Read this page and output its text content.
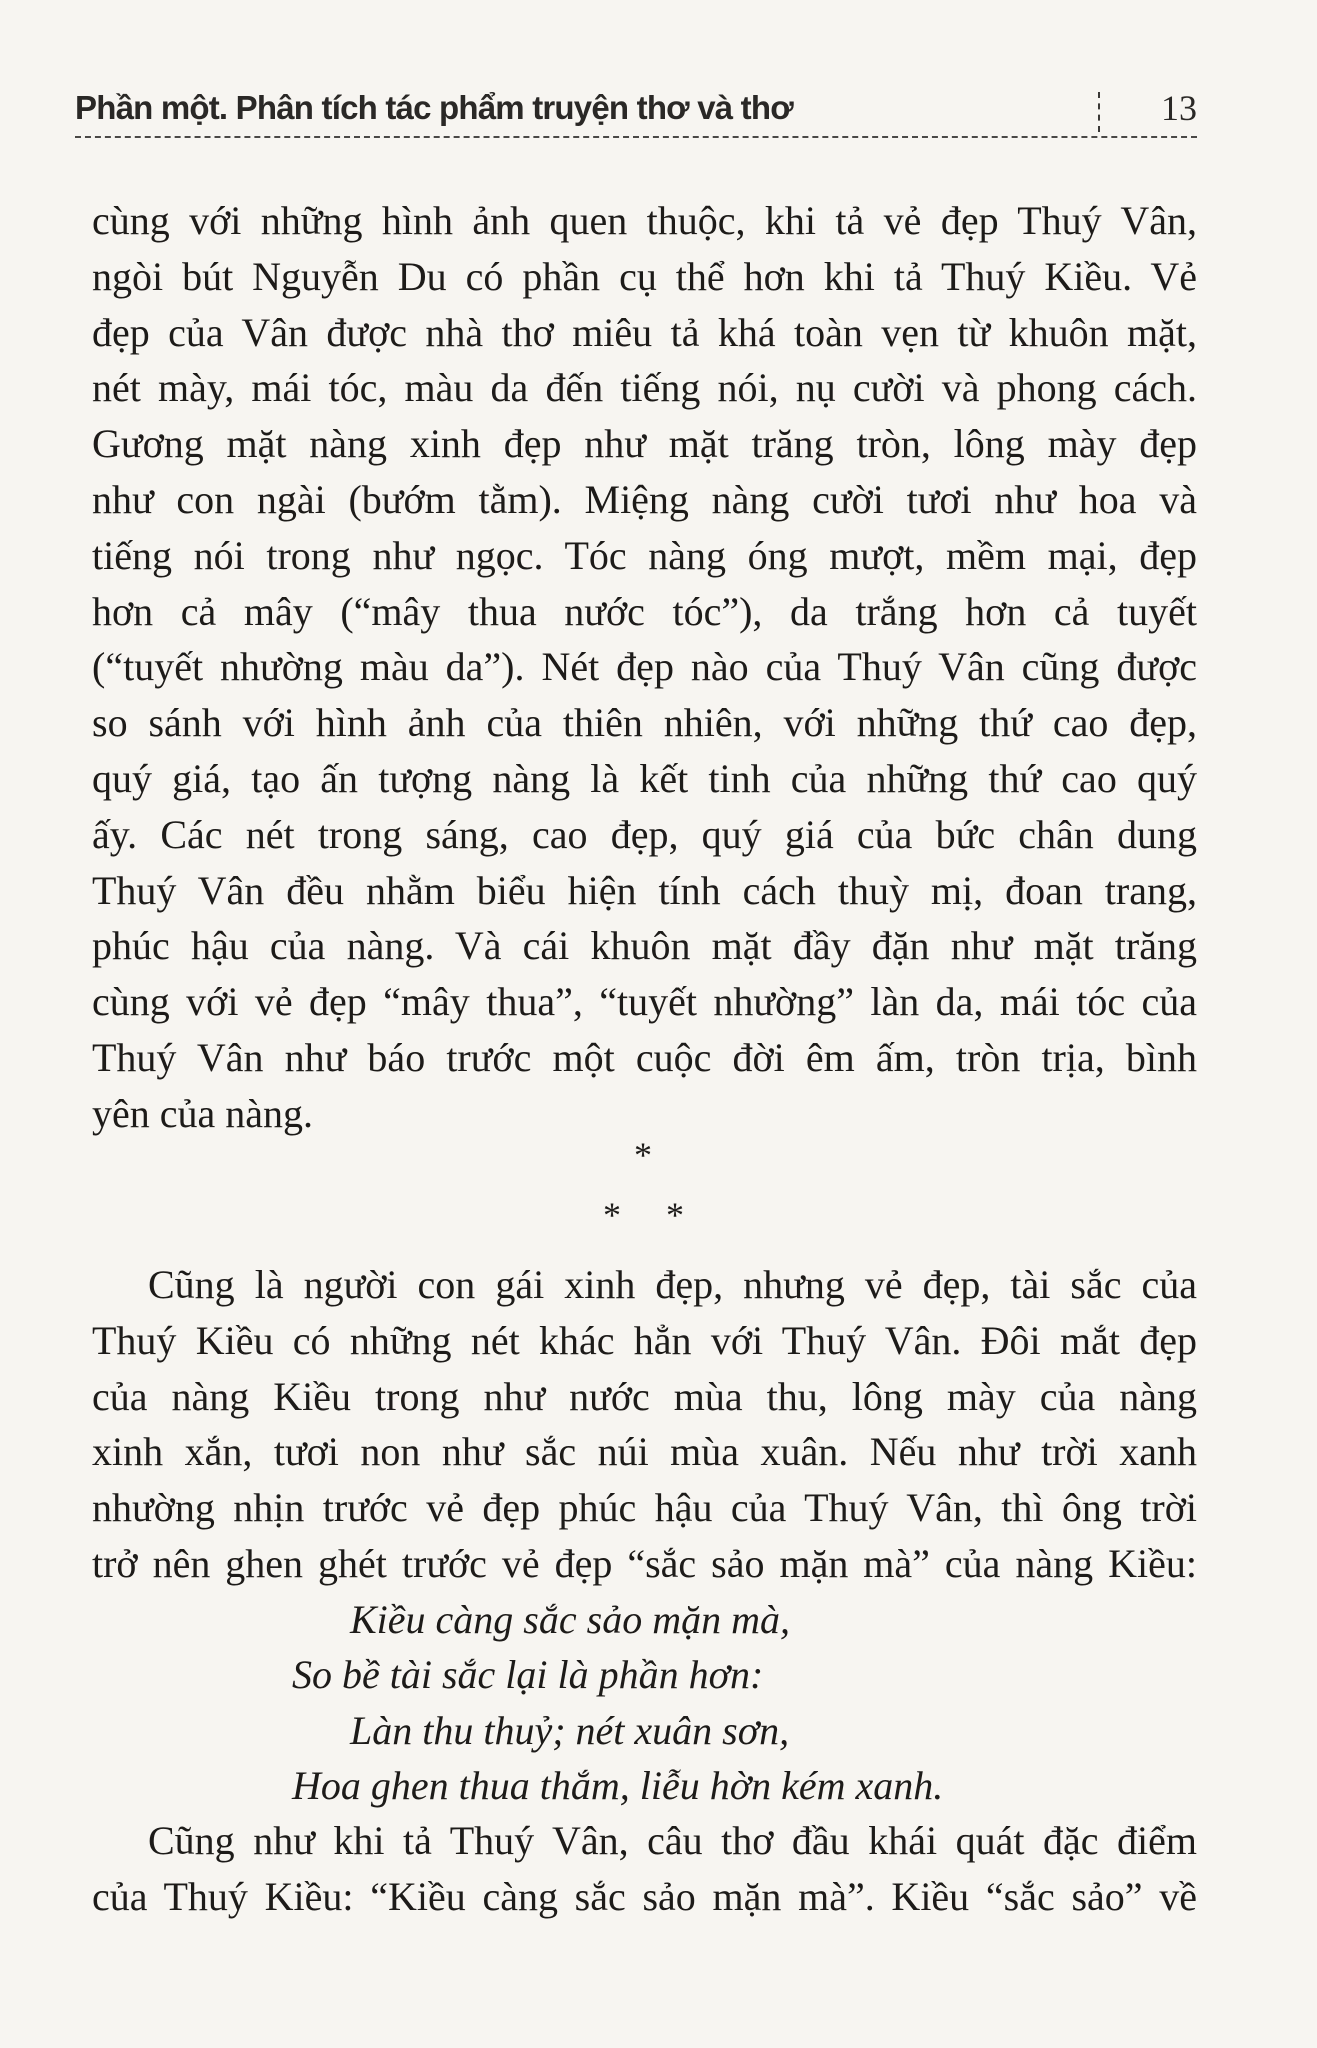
Phần một. Phân tích tác phẩm truyện thơ và thơ	13

cùng với những hình ảnh quen thuộc, khi tả vẻ đẹp Thuý Vân,
ngòi bút Nguyễn Du có phần cụ thể hơn khi tả Thuý Kiều. Vẻ
đẹp của Vân được nhà thơ miêu tả khá toàn vẹn từ khuôn mặt,
nét mày, mái tóc, màu da đến tiếng nói, nụ cười và phong cách.
Gương mặt nàng xinh đẹp như mặt trăng tròn, lông mày đẹp
như con ngài (bướm tằm). Miệng nàng cười tươi như hoa và
tiếng nói trong như ngọc. Tóc nàng óng mượt, mềm mại, đẹp
hơn cả mây (“mây thua nước tóc”), da trắng hơn cả tuyết
(“tuyết nhường màu da”). Nét đẹp nào của Thuý Vân cũng được
so sánh với hình ảnh của thiên nhiên, với những thứ cao đẹp,
quý giá, tạo ấn tượng nàng là kết tinh của những thứ cao quý
ấy. Các nét trong sáng, cao đẹp, quý giá của bức chân dung
Thuý Vân đều nhằm biểu hiện tính cách thuỳ mị, đoan trang,
phúc hậu của nàng. Và cái khuôn mặt đầy đặn như mặt trăng
cùng với vẻ đẹp “mây thua”, “tuyết nhường” làn da, mái tóc của
Thuý Vân như báo trước một cuộc đời êm ấm, tròn trịa, bình
yên của nàng.

*
* *

Cũng là người con gái xinh đẹp, nhưng vẻ đẹp, tài sắc của
Thuý Kiều có những nét khác hẳn với Thuý Vân. Đôi mắt đẹp
của nàng Kiều trong như nước mùa thu, lông mày của nàng
xinh xắn, tươi non như sắc núi mùa xuân. Nếu như trời xanh
nhường nhịn trước vẻ đẹp phúc hậu của Thuý Vân, thì ông trời
trở nên ghen ghét trước vẻ đẹp “sắc sảo mặn mà” của nàng Kiều:

Kiều càng sắc sảo mặn mà,
So bề tài sắc lại là phần hơn:
Làn thu thuỷ; nét xuân sơn,
Hoa ghen thua thắm, liễu hờn kém xanh.

Cũng như khi tả Thuý Vân, câu thơ đầu khái quát đặc điểm
của Thuý Kiều: “Kiều càng sắc sảo mặn mà”. Kiều “sắc sảo” về
